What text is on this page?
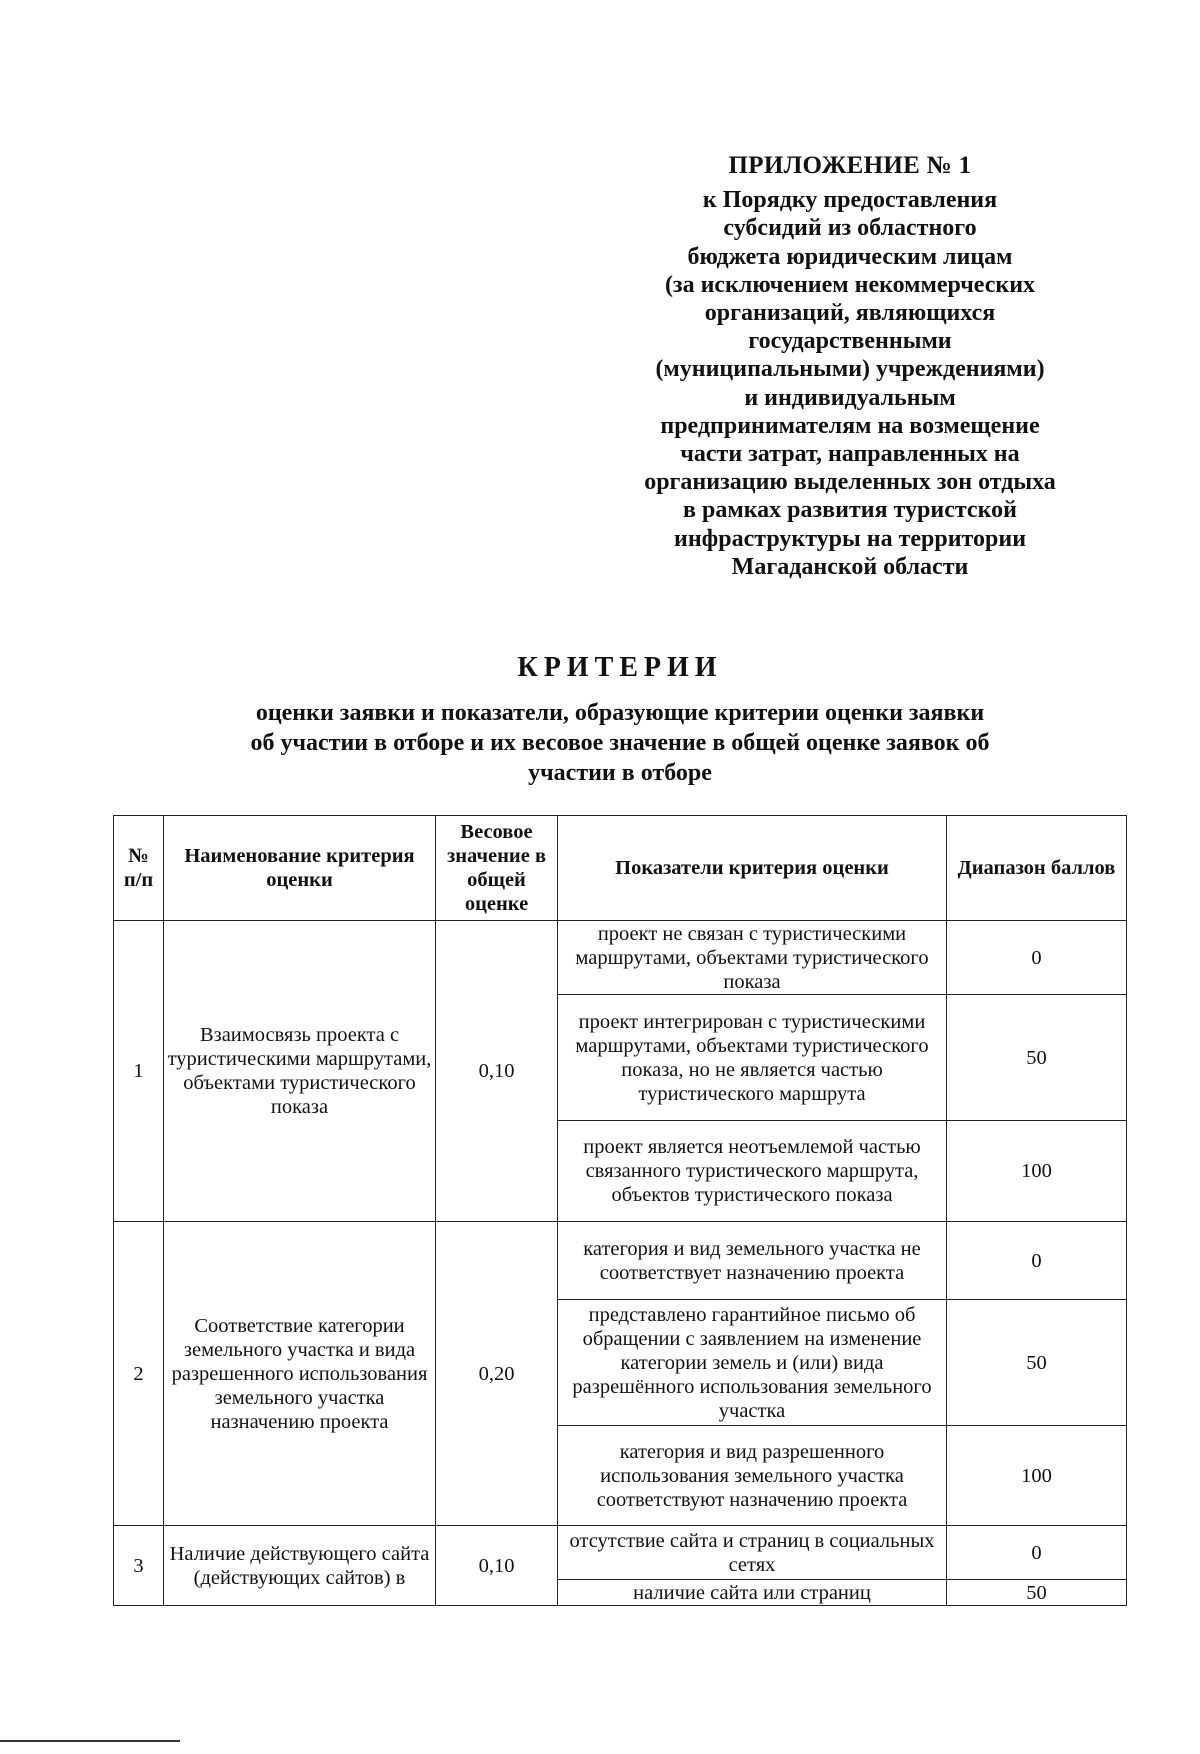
ПРИЛОЖЕНИЕ № 1
к Порядку предоставления
субсидий из областного
бюджета юридическим лицам
(за исключением некоммерческих
организаций, являющихся
государственными
(муниципальными) учреждениями)
и индивидуальным
предпринимателям на возмещение
части затрат, направленных на
организацию выделенных зон отдыха
в рамках развития туристской
инфраструктуры на территории
Магаданской области
КРИТЕРИИ
оценки заявки и показатели, образующие критерии оценки заявки
об участии в отборе и их весовое значение в общей оценке заявок об
участии в отборе
№ п/п	Наименование критерия оценки	Весовое значение в общей оценке	Показатели критерия оценки	Диапазон баллов
1	Взаимосвязь проекта с туристическими маршрутами, объектами туристического показа	0,10	проект не связан с туристическими маршрутами, объектами туристического показа	0
			проект интегрирован с туристическими маршрутами, объектами туристического показа, но не является частью туристического маршрута	50
			проект является неотъемлемой частью связанного туристического маршрута, объектов туристического показа	100
2	Соответствие категории земельного участка и вида разрешенного использования земельного участка назначению проекта	0,20	категория и вид земельного участка не соответствует назначению проекта	0
			представлено гарантийное письмо об обращении с заявлением на изменение категории земель и (или) вида разрешённого использования земельного участка	50
			категория и вид разрешенного использования земельного участка соответствуют назначению проекта	100
3	Наличие действующего сайта (действующих сайтов) в	0,10	отсутствие сайта и страниц в социальных сетях	0
			наличие сайта или страниц	50
